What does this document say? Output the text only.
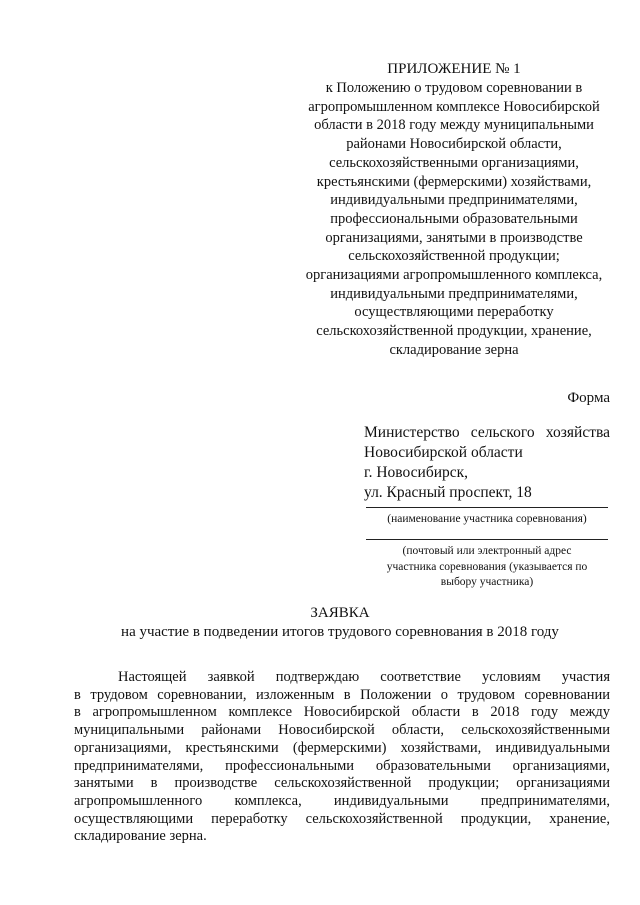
ПРИЛОЖЕНИЕ № 1

к Положению о трудовом соревновании в
агропромышленном комплексе Новосибирской
области в 2018 году между муниципальными
районами Новосибирской области,
сельскохозяйственными организациями,
крестьянскими (фермерскими) хозяйствами,
индивидуальными предпринимателями,
профессиональными образовательными
организациями, занятыми в производстве
сельскохозяйственной продукции;
организациями агропромышленного комплекса,
индивидуальными предпринимателями,
осуществляющими переработку
сельскохозяйственной продукции, хранение,
складирование зерна

Форма
Министерство сельского хозяйства
Новосибирской области
г. Новосибирск,
ул. Красный проспект, 18
(наименование участника соревнования)
(почтовый или электронный адрес
участника соревнования (указывается по
выбору участника)
ЗАЯВКА
на участие в подведении итогов трудового соревнования в 2018 году
Настоящей заявкой подтверждаю соответствие условиям участия
в трудовом соревновании, изложенным в Положении о трудовом соревновании
в агропромышленном комплексе Новосибирской области в 2018 году между
муниципальными районами Новосибирской области, сельскохозяйственными
организациями, крестьянскими (фермерскими) хозяйствами, индивидуальными
предпринимателями, профессиональными образовательными организациями,
занятыми в производстве сельскохозяйственной продукции; организациями
агропромышленного комплекса, индивидуальными предпринимателями,
осуществляющими переработку сельскохозяйственной продукции, хранение,
складирование зерна.
